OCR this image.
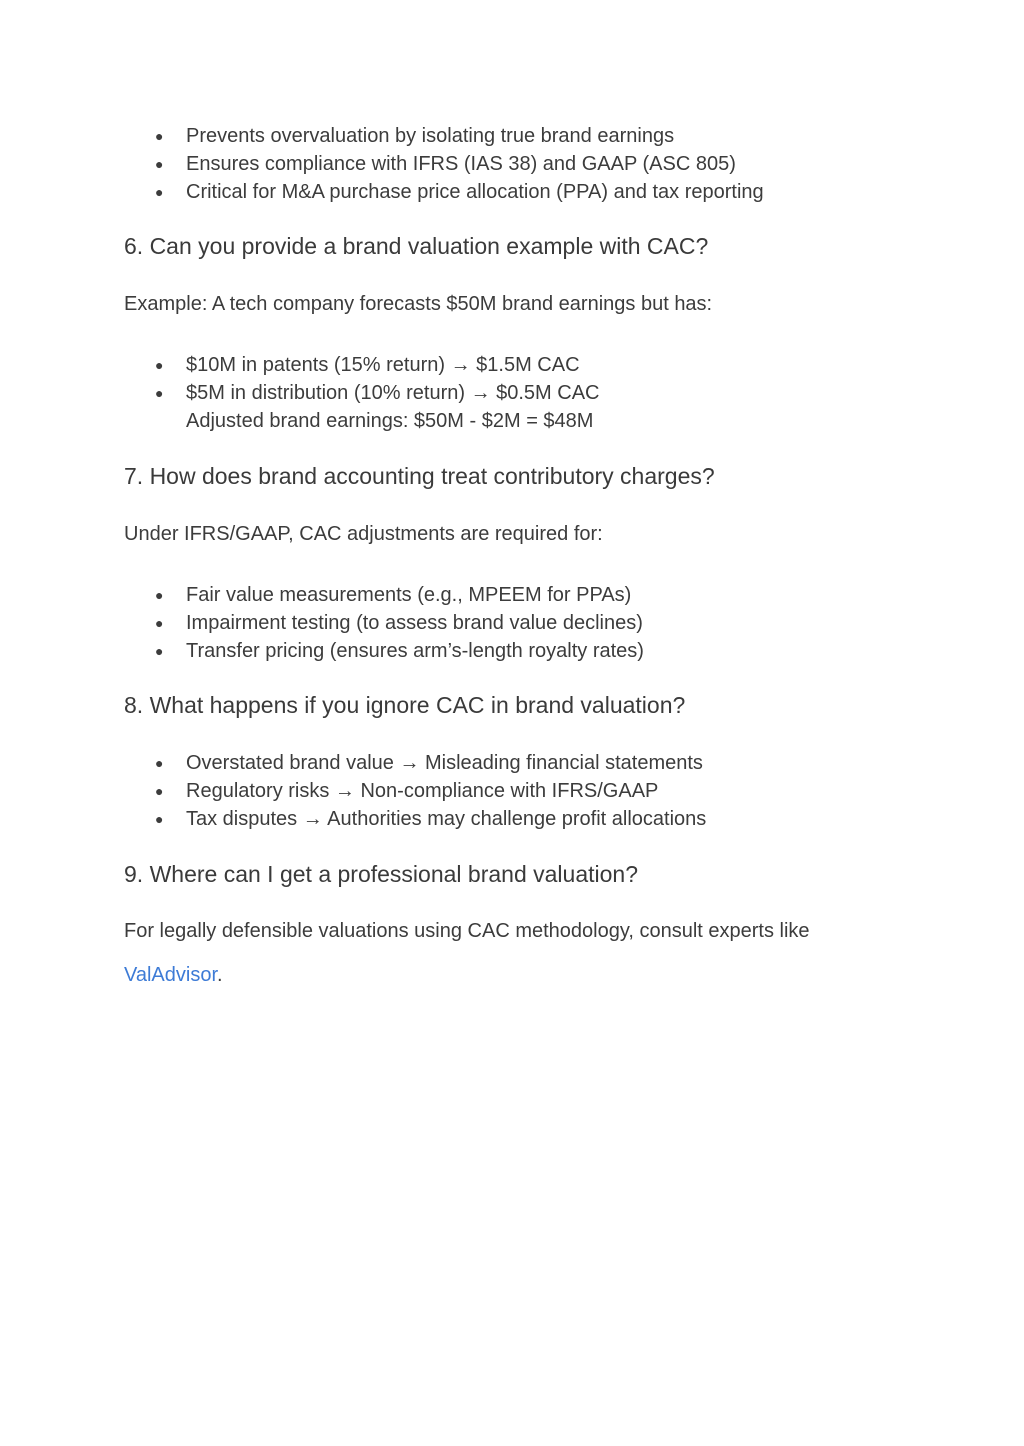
● Prevents overvaluation by isolating true brand earnings
● Ensures compliance with IFRS (IAS 38) and GAAP (ASC 805)
● Critical for M&A purchase price allocation (PPA) and tax reporting
6. Can you provide a brand valuation example with CAC?
Example: A tech company forecasts $50M brand earnings but has:
● $10M in patents (15% return) → $1.5M CAC
● $5M in distribution (10% return) → $0.5M CAC
Adjusted brand earnings: $50M - $2M = $48M
7. How does brand accounting treat contributory charges?
Under IFRS/GAAP, CAC adjustments are required for:
● Fair value measurements (e.g., MPEEM for PPAs)
● Impairment testing (to assess brand value declines)
● Transfer pricing (ensures arm’s-length royalty rates)
8. What happens if you ignore CAC in brand valuation?
● Overstated brand value → Misleading financial statements
● Regulatory risks → Non-compliance with IFRS/GAAP
● Tax disputes → Authorities may challenge profit allocations
9. Where can I get a professional brand valuation?
For legally defensible valuations using CAC methodology, consult experts like
ValAdvisor.
